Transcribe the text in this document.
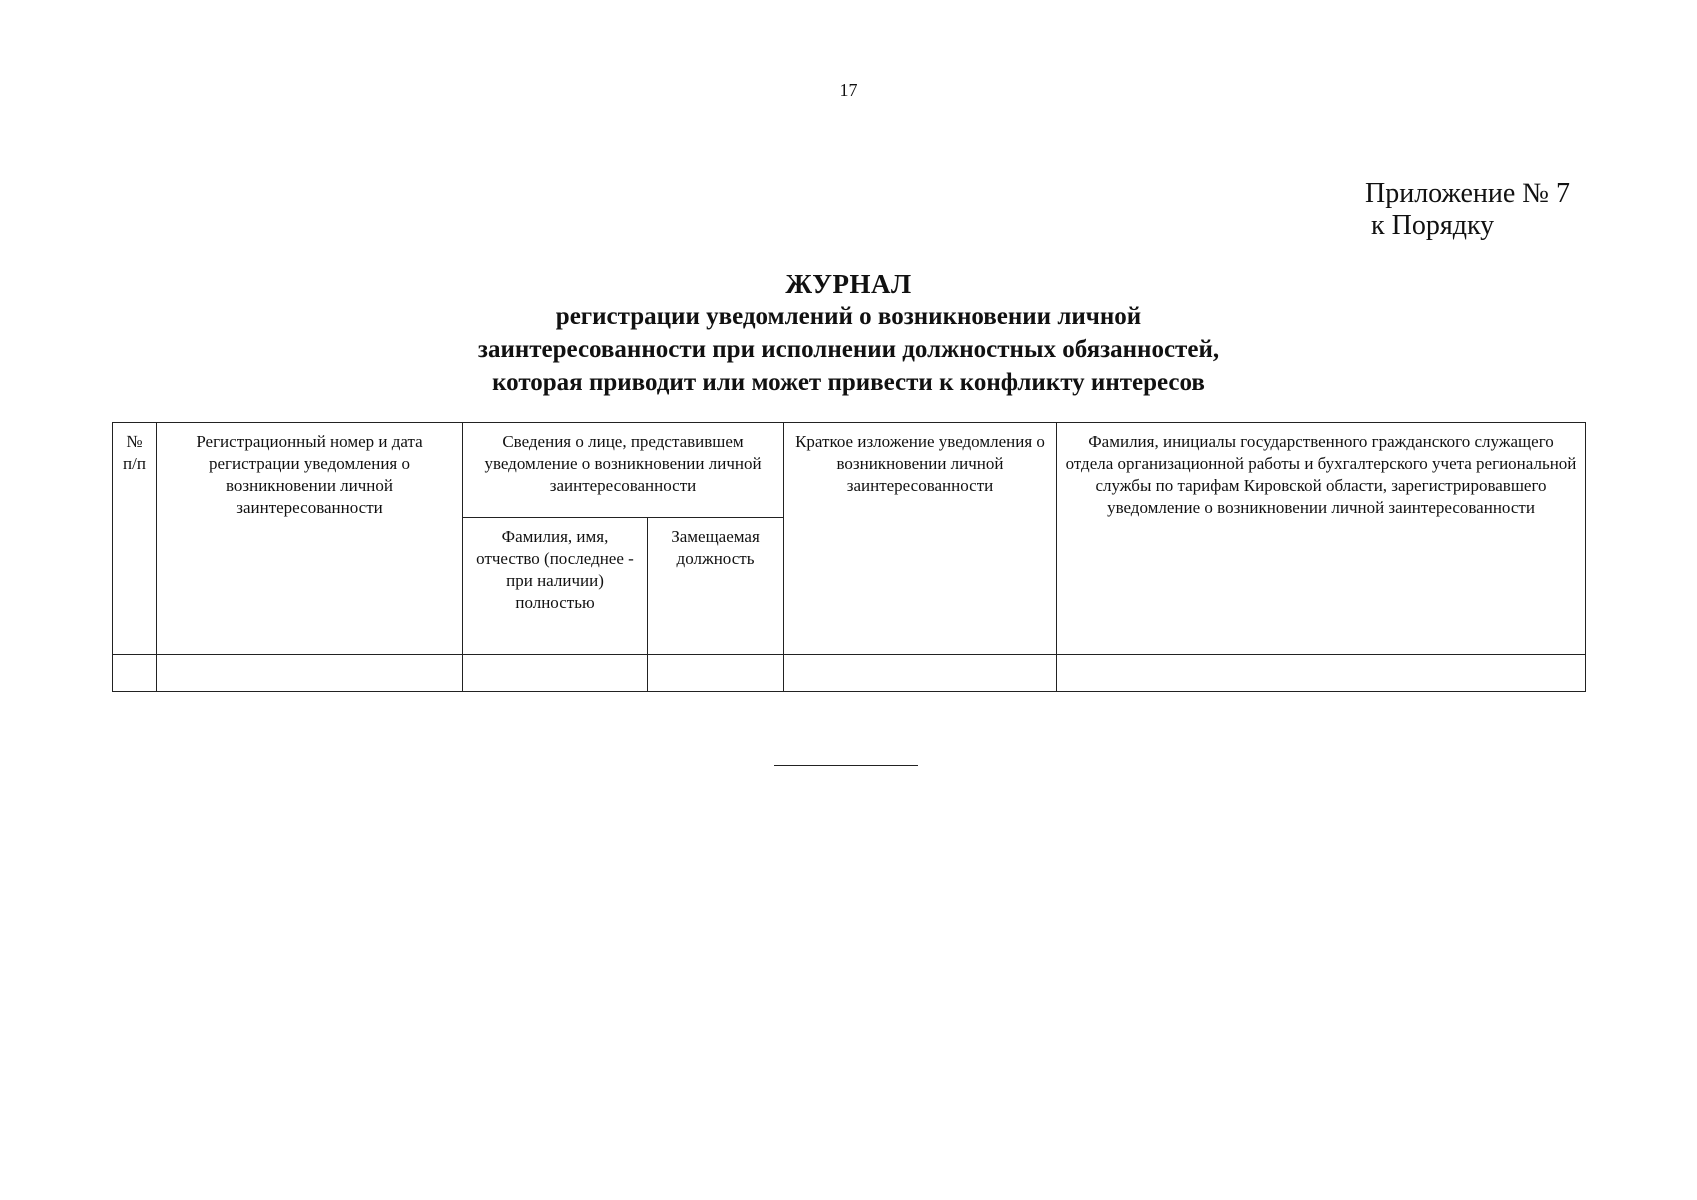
17
Приложение № 7
к Порядку
ЖУРНАЛ
регистрации уведомлений о возникновении личной
заинтересованности при исполнении должностных обязанностей,
которая приводит или может привести к конфликту интересов
№ п/п	Регистрационный номер и дата регистрации уведомления о возникновении личной заинтересованности	Сведения о лице, представившем уведомление о возникновении личной заинтересованности		Краткое изложение уведомления о возникновении личной заинтересованности	Фамилия, инициалы государственного гражданского служащего отдела организационной работы и бухгалтерского учета региональной службы по тарифам Кировской области, зарегистрировавшего уведомление о возникновении личной заинтересованности
		Фамилия, имя, отчество (последнее - при наличии) полностью	Замещаемая должность		
